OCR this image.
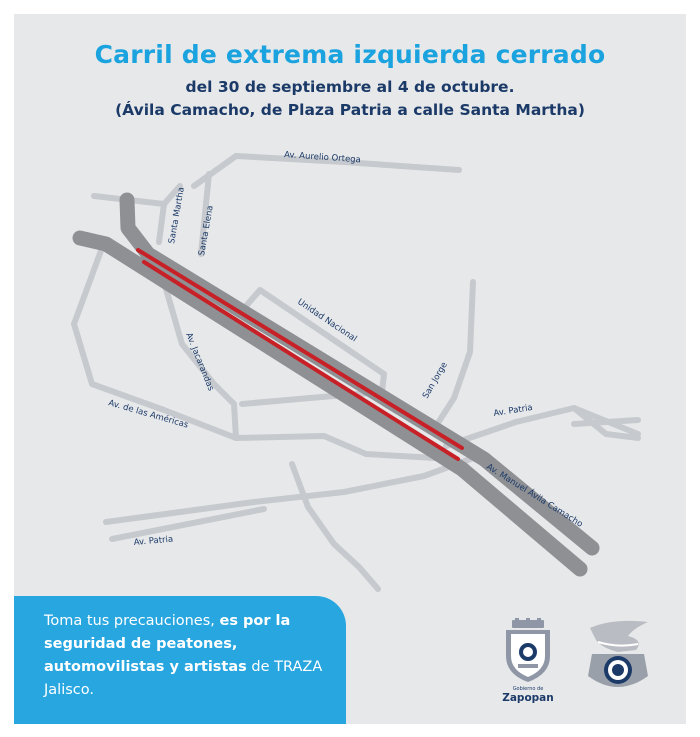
Carril de extrema izquierda cerrado

del 30 de septiembre al 4 de octubre.

(Ávila Camacho, de Plaza Patria a calle Santa Martha)

Av. Aurelio Ortega
Santa Martha Santa Elena
Unidad Nacional
Av. Jacarandas
Av. de las Américas
San Jorge
Av. Patria
Av. Manuel Ávila Camacho
Av. Patria

Toma tus precauciones, es por la seguridad de peatones, automovilistas y artistas de TRAZA Jalisco.	Gobierno de
Zapopan
